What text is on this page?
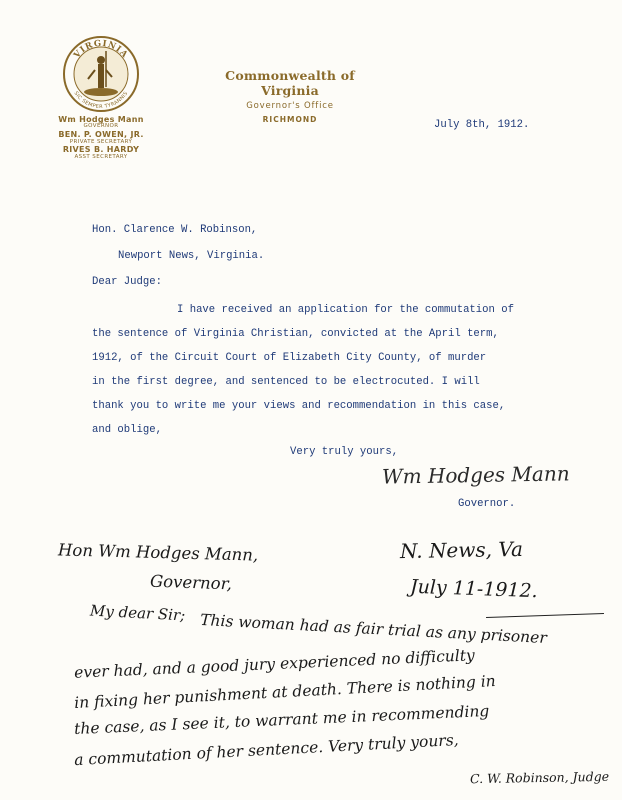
VIRGINIA
SIC SEMPER TYRANNIS
Wm Hodges Mann
GOVERNOR
BEN. P. OWEN, JR.
PRIVATE SECRETARY
RIVES B. HARDY
ASST SECRETARY
Commonwealth of Virginia
Governor's Office
RICHMOND	July 8th, 1912.
Hon. Clarence W. Robinson,
Newport News, Virginia.
Dear Judge:

I have received an application for the commutation of

the sentence of Virginia Christian, convicted at the April term,

1912, of the Circuit Court of Elizabeth City County, of murder

in the first degree, and sentenced to be electrocuted. I will

thank you to write me your views and recommendation in this case,

and oblige,

Very truly yours,
Wm Hodges Mann
Governor.
Hon Wm Hodges Mann,
Governor,
N. News, Va
July 11-1912.
My dear Sir; This woman had as fair trial as any prisoner
ever had, and a good jury experienced no difficulty
in fixing her punishment at death. There is nothing in
the case, as I see it, to warrant me in recommending
a commutation of her sentence. Very truly yours,
C. W. Robinson, Judge
